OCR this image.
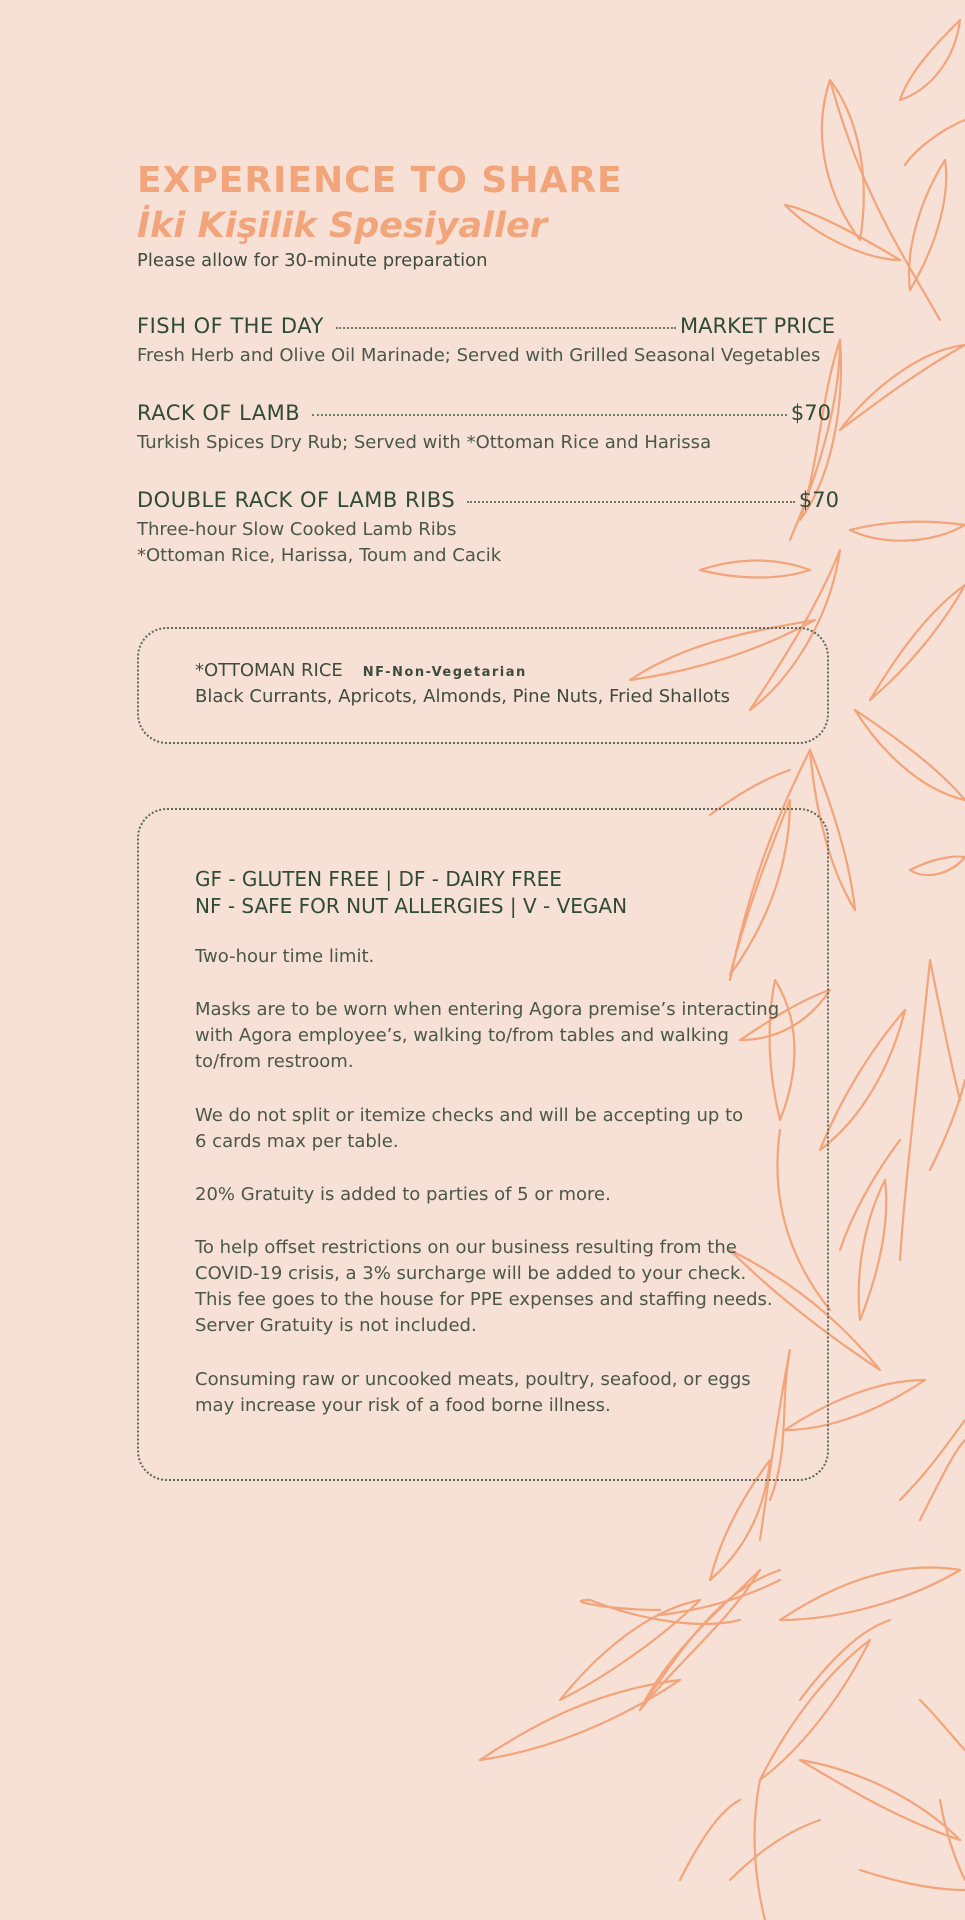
EXPERIENCE TO SHARE
İki Kişilik Spesiyaller
Please allow for 30-minute preparation
FISH OF THE DAY	MARKET PRICE
Fresh Herb and Olive Oil Marinade; Served with Grilled Seasonal Vegetables
RACK OF LAMB	$70
Turkish Spices Dry Rub; Served with *Ottoman Rice and Harissa
DOUBLE RACK OF LAMB RIBS	$70
Three-hour Slow Cooked Lamb Ribs
*Ottoman Rice, Harissa, Toum and Cacik
*OTTOMAN RICE NF-Non-Vegetarian
Black Currants, Apricots, Almonds, Pine Nuts, Fried Shallots
GF - GLUTEN FREE | DF - DAIRY FREE
NF - SAFE FOR NUT ALLERGIES | V - VEGAN
Two-hour time limit.
Masks are to be worn when entering Agora premise’s interacting
with Agora employee’s, walking to/from tables and walking
to/from restroom.
We do not split or itemize checks and will be accepting up to
6 cards max per table.
20% Gratuity is added to parties of 5 or more.
To help offset restrictions on our business resulting from the
COVID-19 crisis, a 3% surcharge will be added to your check.
This fee goes to the house for PPE expenses and staffing needs.
Server Gratuity is not included.
Consuming raw or uncooked meats, poultry, seafood, or eggs
may increase your risk of a food borne illness.
